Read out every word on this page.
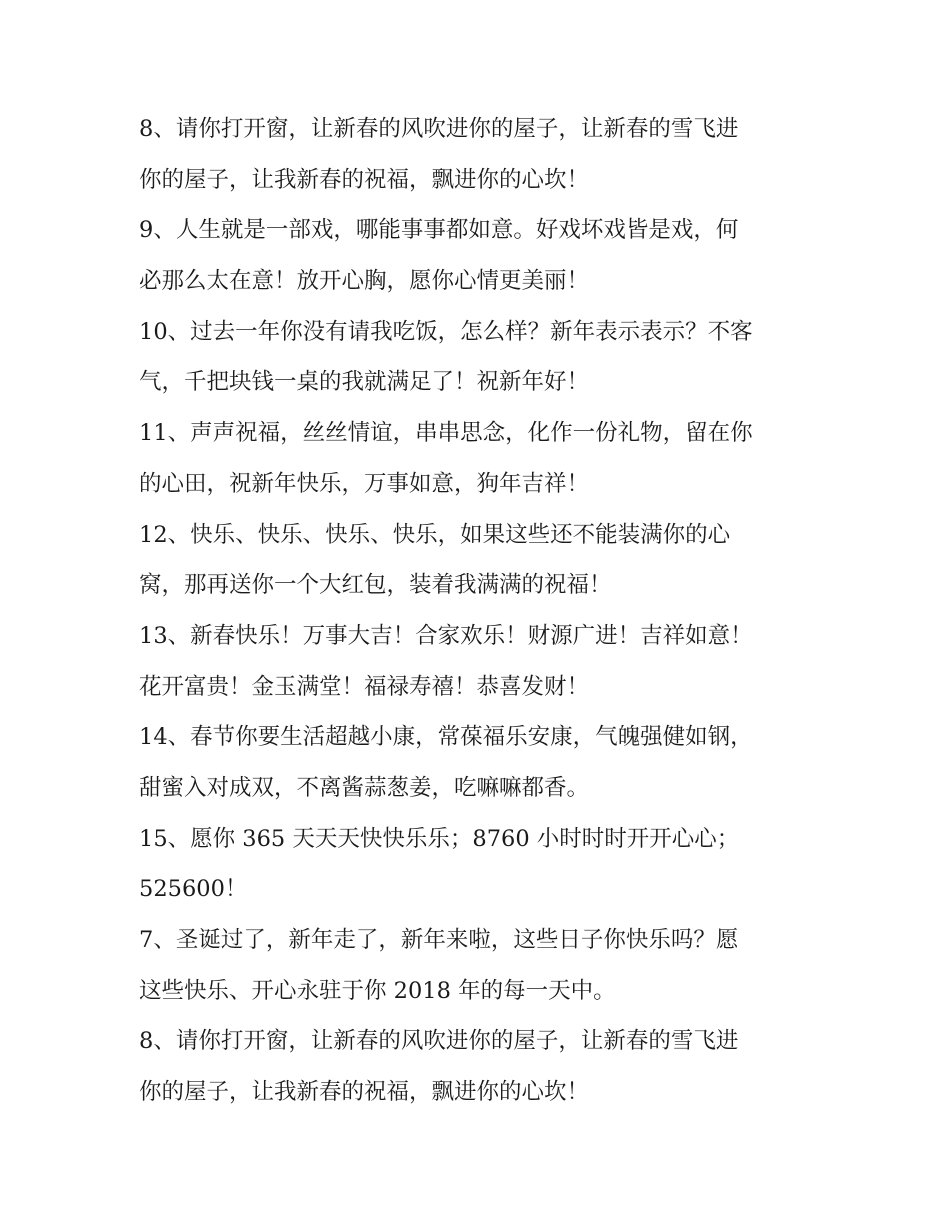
8、请你打开窗，让新春的风吹进你的屋子，让新春的雪飞进
你的屋子，让我新春的祝福，飘进你的心坎！
9、人生就是一部戏，哪能事事都如意。好戏坏戏皆是戏，何
必那么太在意！放开心胸，愿你心情更美丽！
10、过去一年你没有请我吃饭，怎么样？新年表示表示？不客
气，千把块钱一桌的我就满足了！祝新年好！
11、声声祝福，丝丝情谊，串串思念，化作一份礼物，留在你
的心田，祝新年快乐，万事如意，狗年吉祥！
12、快乐、快乐、快乐、快乐，如果这些还不能装满你的心
窝，那再送你一个大红包，装着我满满的祝福！
13、新春快乐！万事大吉！合家欢乐！财源广进！吉祥如意！
花开富贵！金玉满堂！福禄寿禧！恭喜发财！
14、春节你要生活超越小康，常葆福乐安康，气魄强健如钢，
甜蜜入对成双，不离酱蒜葱姜，吃嘛嘛都香。
15、愿你 365 天天天快快乐乐；8760 小时时时开开心心；
525600！
7、圣诞过了，新年走了，新年来啦，这些日子你快乐吗？愿
这些快乐、开心永驻于你 2018 年的每一天中。
8、请你打开窗，让新春的风吹进你的屋子，让新春的雪飞进
你的屋子，让我新春的祝福，飘进你的心坎！
